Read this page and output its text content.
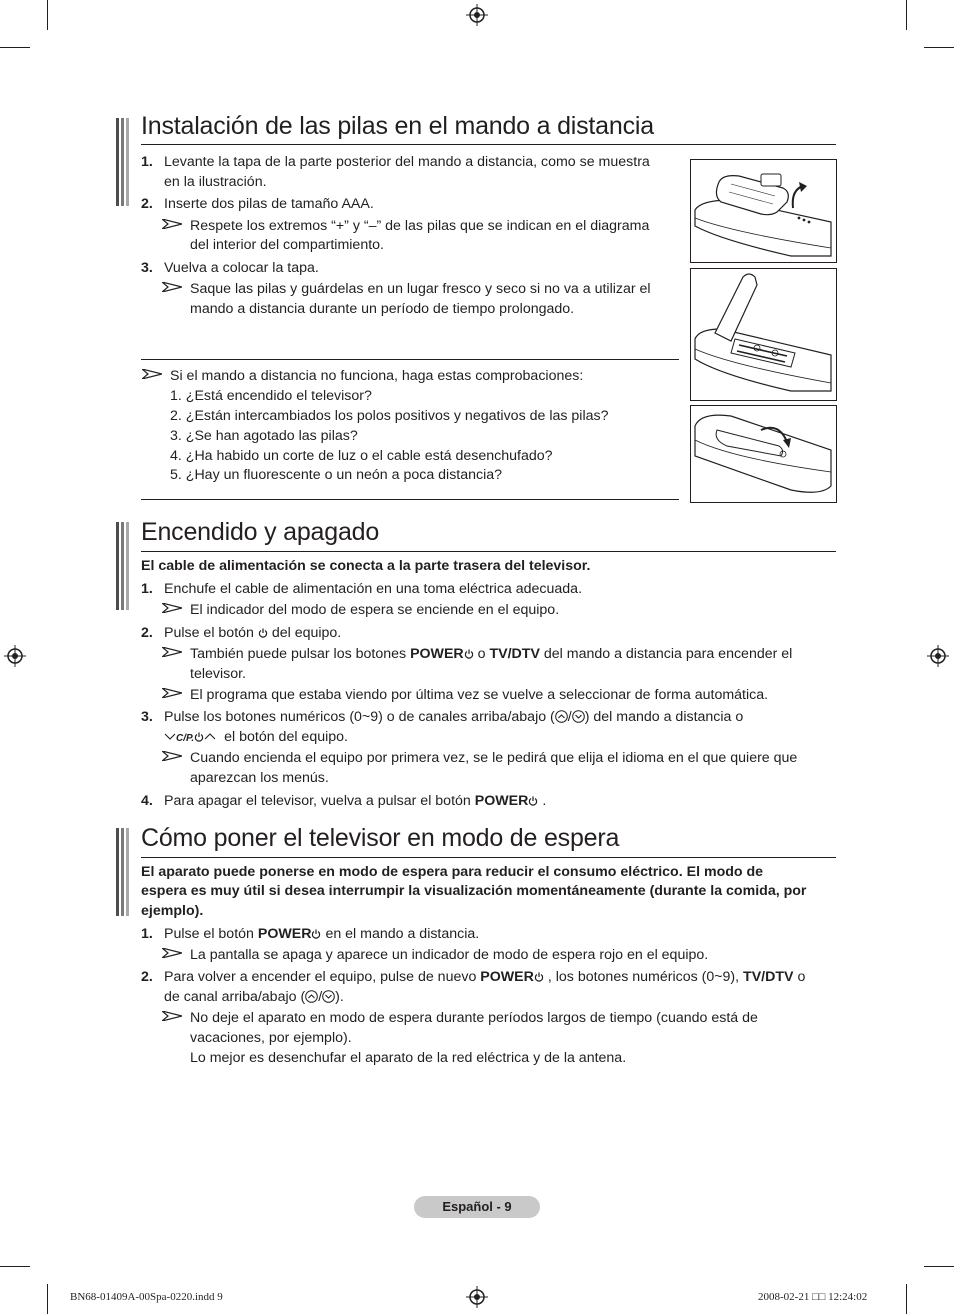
Instalación de las pilas en el mando a distancia
1. Levante la tapa de la parte posterior del mando a distancia, como se muestra
en la ilustración.
2. Inserte dos pilas de tamaño AAA.
Respete los extremos “+” y “–” de las pilas que se indican en el diagrama
del interior del compartimiento.
3. Vuelva a colocar la tapa.
Saque las pilas y guárdelas en un lugar fresco y seco si no va a utilizar el
mando a distancia durante un período de tiempo prolongado.
Si el mando a distancia no funciona, haga estas comprobaciones:
1. ¿Está encendido el televisor?
2. ¿Están intercambiados los polos positivos y negativos de las pilas?
3. ¿Se han agotado las pilas?
4. ¿Ha habido un corte de luz o el cable está desenchufado?
5. ¿Hay un fluorescente o un neón a poca distancia?
Encendido y apagado
El cable de alimentación se conecta a la parte trasera del televisor.
1. Enchufe el cable de alimentación en una toma eléctrica adecuada.
El indicador del modo de espera se enciende en el equipo.
2. Pulse el botón del equipo.
También puede pulsar los botones POWER o TV/DTV del mando a distancia para encender el
televisor.
El programa que estaba viendo por última vez se vuelve a seleccionar de forma automática.
3. Pulse los botones numéricos (0~9) o de canales arriba/abajo ( / ) del mando a distancia o
C/P. el botón del equipo.
Cuando encienda el equipo por primera vez, se le pedirá que elija el idioma en el que quiere que
aparezcan los menús.
4. Para apagar el televisor, vuelva a pulsar el botón POWER .
Cómo poner el televisor en modo de espera
El aparato puede ponerse en modo de espera para reducir el consumo eléctrico. El modo de
espera es muy útil si desea interrumpir la visualización momentáneamente (durante la comida, por
ejemplo).
1. Pulse el botón POWER en el mando a distancia.
La pantalla se apaga y aparece un indicador de modo de espera rojo en el equipo.
2. Para volver a encender el equipo, pulse de nuevo POWER , los botones numéricos (0~9), TV/DTV o
de canal arriba/abajo ( / ).
No deje el aparato en modo de espera durante períodos largos de tiempo (cuando está de
vacaciones, por ejemplo).
Lo mejor es desenchufar el aparato de la red eléctrica y de la antena.
Español - 9
BN68-01409A-00Spa-0220.indd 9	2008-02-21 □□ 12:24:02
